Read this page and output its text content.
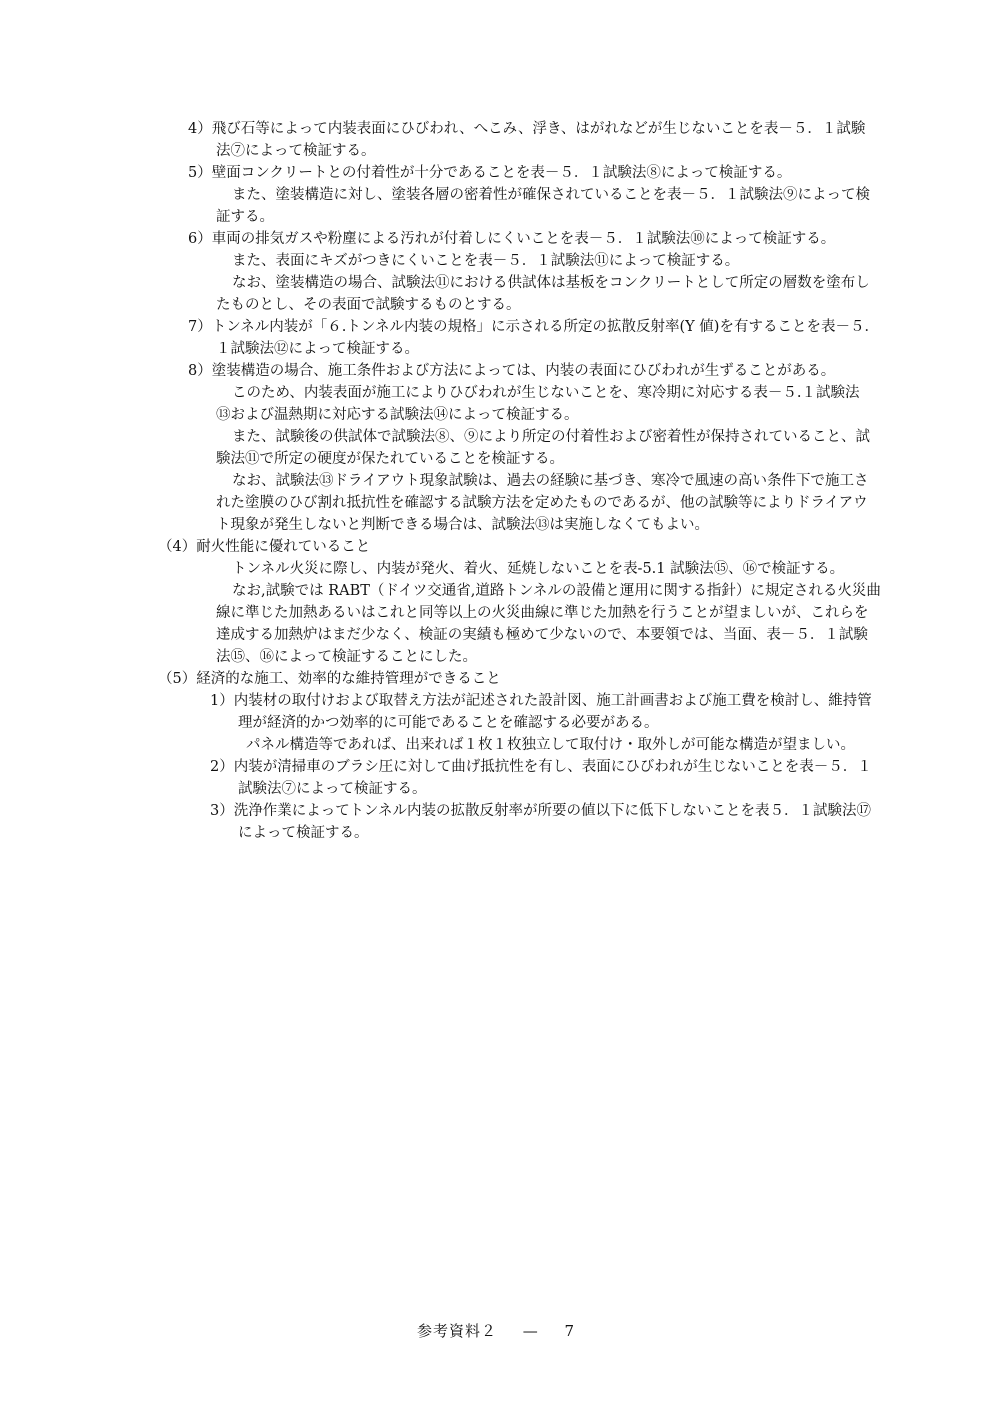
4）飛び石等によって内装表面にひびわれ、へこみ、浮き、はがれなどが生じないことを表－５．１試験
法⑦によって検証する。
5）壁面コンクリートとの付着性が十分であることを表－５．１試験法⑧によって検証する。
また、塗装構造に対し、塗装各層の密着性が確保されていることを表－５．１試験法⑨によって検
証する。
6）車両の排気ガスや粉塵による汚れが付着しにくいことを表－５．１試験法⑩によって検証する。
また、表面にキズがつきにくいことを表－５．１試験法⑪によって検証する。
なお、塗装構造の場合、試験法⑪における供試体は基板をコンクリートとして所定の層数を塗布し
たものとし、その表面で試験するものとする。
7）トンネル内装が「６.トンネル内装の規格」に示される所定の拡散反射率(Y 値)を有することを表－５．
１試験法⑫によって検証する。
8）塗装構造の場合、施工条件および方法によっては、内装の表面にひびわれが生ずることがある。
このため、内装表面が施工によりひびわれが生じないことを、寒冷期に対応する表－５.１試験法
⑬および温熱期に対応する試験法⑭によって検証する。
また、試験後の供試体で試験法⑧、⑨により所定の付着性および密着性が保持されていること、試
験法⑪で所定の硬度が保たれていることを検証する。
なお、試験法⑬ドライアウト現象試験は、過去の経験に基づき、寒冷で風速の高い条件下で施工さ
れた塗膜のひび割れ抵抗性を確認する試験方法を定めたものであるが、他の試験等によりドライアウ
ト現象が発生しないと判断できる場合は、試験法⑬は実施しなくてもよい。
（4）耐火性能に優れていること
トンネル火災に際し、内装が発火、着火、延焼しないことを表-5.1 試験法⑮、⑯で検証する。
なお,試験では RABT（ドイツ交通省,道路トンネルの設備と運用に関する指針）に規定される火災曲
線に準じた加熱あるいはこれと同等以上の火災曲線に準じた加熱を行うことが望ましいが、これらを
達成する加熱炉はまだ少なく、検証の実績も極めて少ないので、本要領では、当面、表－５．１試験
法⑮、⑯によって検証することにした。
（5）経済的な施工、効率的な維持管理ができること
1）内装材の取付けおよび取替え方法が記述された設計図、施工計画書および施工費を検討し、維持管
理が経済的かつ効率的に可能であることを確認する必要がある。
パネル構造等であれば、出来れば１枚１枚独立して取付け・取外しが可能な構造が望ましい。
2）内装が清掃車のブラシ圧に対して曲げ抵抗性を有し、表面にひびわれが生じないことを表－５．１
試験法⑦によって検証する。
3）洗浄作業によってトンネル内装の拡散反射率が所要の値以下に低下しないことを表５．１試験法⑰
によって検証する。
参考資料２ — 7
